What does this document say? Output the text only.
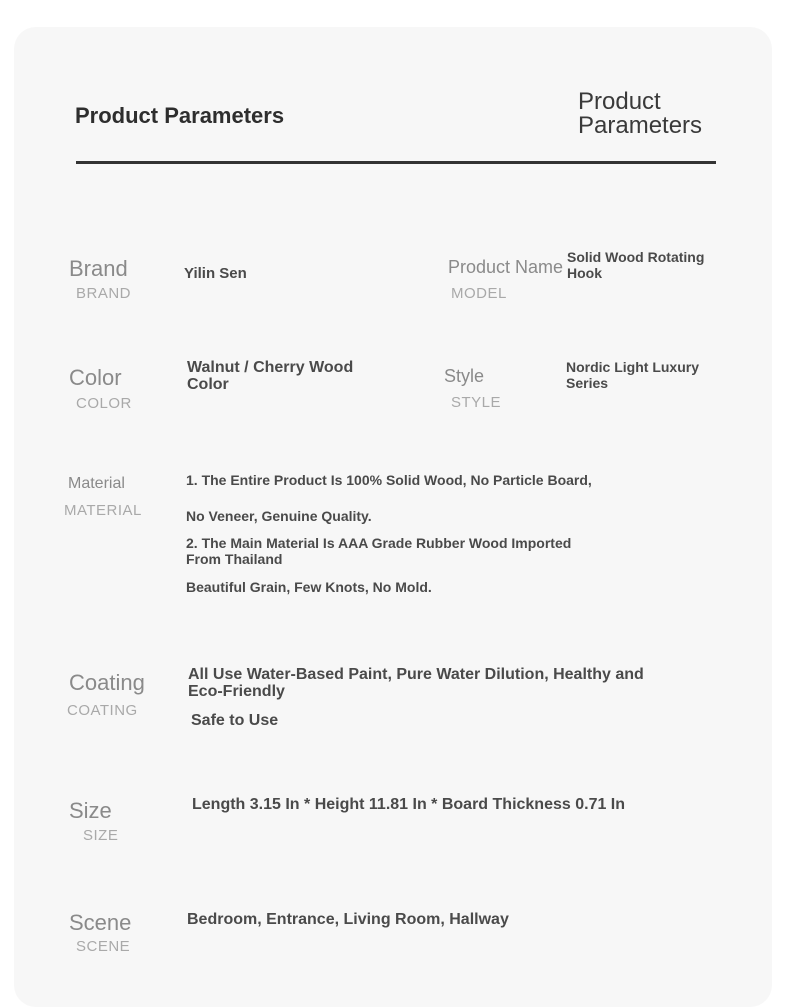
Product Parameters
Product Parameters
Brand
BRAND
Yilin Sen	Product Name
MODEL
Solid Wood Rotating Hook
Color
COLOR
Walnut / Cherry Wood Color	Style
STYLE
Nordic Light Luxury Series
Material
MATERIAL
1. The Entire Product Is 100% Solid Wood, No Particle Board,
No Veneer, Genuine Quality.
2. The Main Material Is AAA Grade Rubber Wood Imported From Thailand
Beautiful Grain, Few Knots, No Mold.
Coating
COATING
All Use Water-Based Paint, Pure Water Dilution, Healthy and Eco-Friendly
Safe to Use
Size
SIZE
Length 3.15 In * Height 11.81 In * Board Thickness 0.71 In
Scene
SCENE
Bedroom, Entrance, Living Room, Hallway
